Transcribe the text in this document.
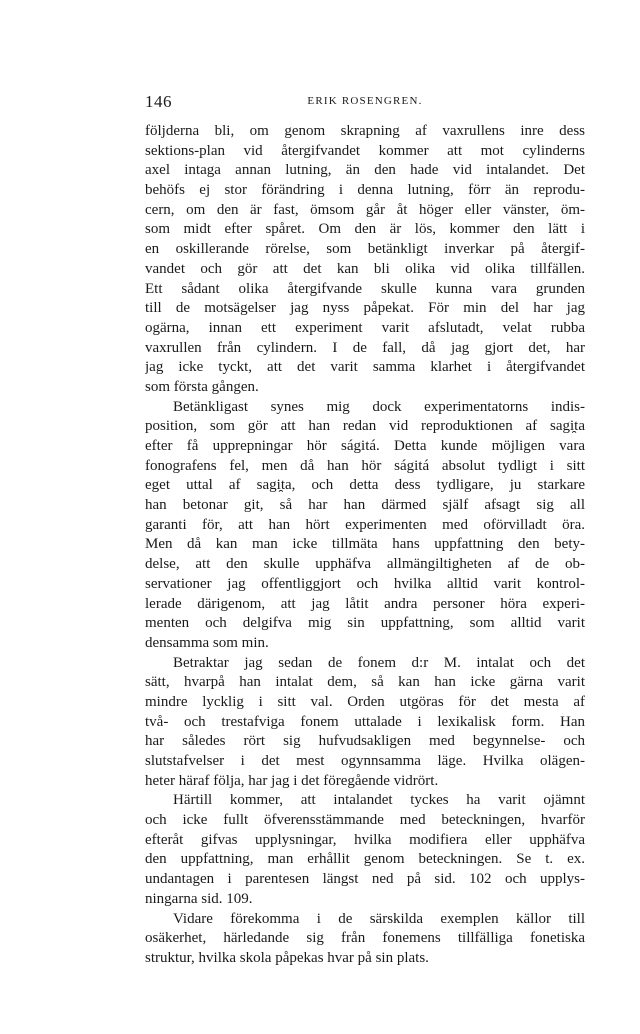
146	ERIK ROSENGREN.
följderna bli, om genom skrapning af vaxrullens inre dess
sektions-plan vid återgifvandet kommer att mot cylinderns
axel intaga annan lutning, än den hade vid intalandet. Det
behöfs ej stor förändring i denna lutning, förr än reprodu-
cern, om den är fast, ömsom går åt höger eller vänster, öm-
som midt efter spåret. Om den är lös, kommer den lätt i
en oskillerande rörelse, som betänkligt inverkar på återgif-
vandet och gör att det kan bli olika vid olika tillfällen.
Ett sådant olika återgifvande skulle kunna vara grunden
till de motsägelser jag nyss påpekat. För min del har jag
ogärna, innan ett experiment varit afslutadt, velat rubba
vaxrullen från cylindern. I de fall, då jag gjort det, har
jag icke tyckt, att det varit samma klarhet i återgifvandet
som första gången.
Betänkligast synes mig dock experimentatorns indis-
position, som gör att han redan vid reproduktionen af sagi̯ta
efter få upprepningar hör ságitá. Detta kunde möjligen vara
fonografens fel, men då han hör ságitá absolut tydligt i sitt
eget uttal af sagi̯ta, och detta dess tydligare, ju starkare
han betonar git, så har han därmed själf afsagt sig all
garanti för, att han hört experimenten med oförvilladt öra.
Men då kan man icke tillmäta hans uppfattning den bety-
delse, att den skulle upphäfva allmängiltigheten af de ob-
servationer jag offentliggjort och hvilka alltid varit kontrol-
lerade därigenom, att jag låtit andra personer höra experi-
menten och delgifva mig sin uppfattning, som alltid varit
densamma som min.
Betraktar jag sedan de fonem d:r M. intalat och det
sätt, hvarpå han intalat dem, så kan han icke gärna varit
mindre lycklig i sitt val. Orden utgöras för det mesta af
två- och trestafviga fonem uttalade i lexikalisk form. Han
har således rört sig hufvudsakligen med begynnelse- och
slutstafvelser i det mest ogynnsamma läge. Hvilka olägen-
heter häraf följa, har jag i det föregående vidrört.
Härtill kommer, att intalandet tyckes ha varit ojämnt
och icke fullt öfverensstämmande med beteckningen, hvarför
efteråt gifvas upplysningar, hvilka modifiera eller upphäfva
den uppfattning, man erhållit genom beteckningen. Se t. ex.
undantagen i parentesen längst ned på sid. 102 och upplys-
ningarna sid. 109.
Vidare förekomma i de särskilda exemplen källor till
osäkerhet, härledande sig från fonemens tillfälliga fonetiska
struktur, hvilka skola påpekas hvar på sin plats.
